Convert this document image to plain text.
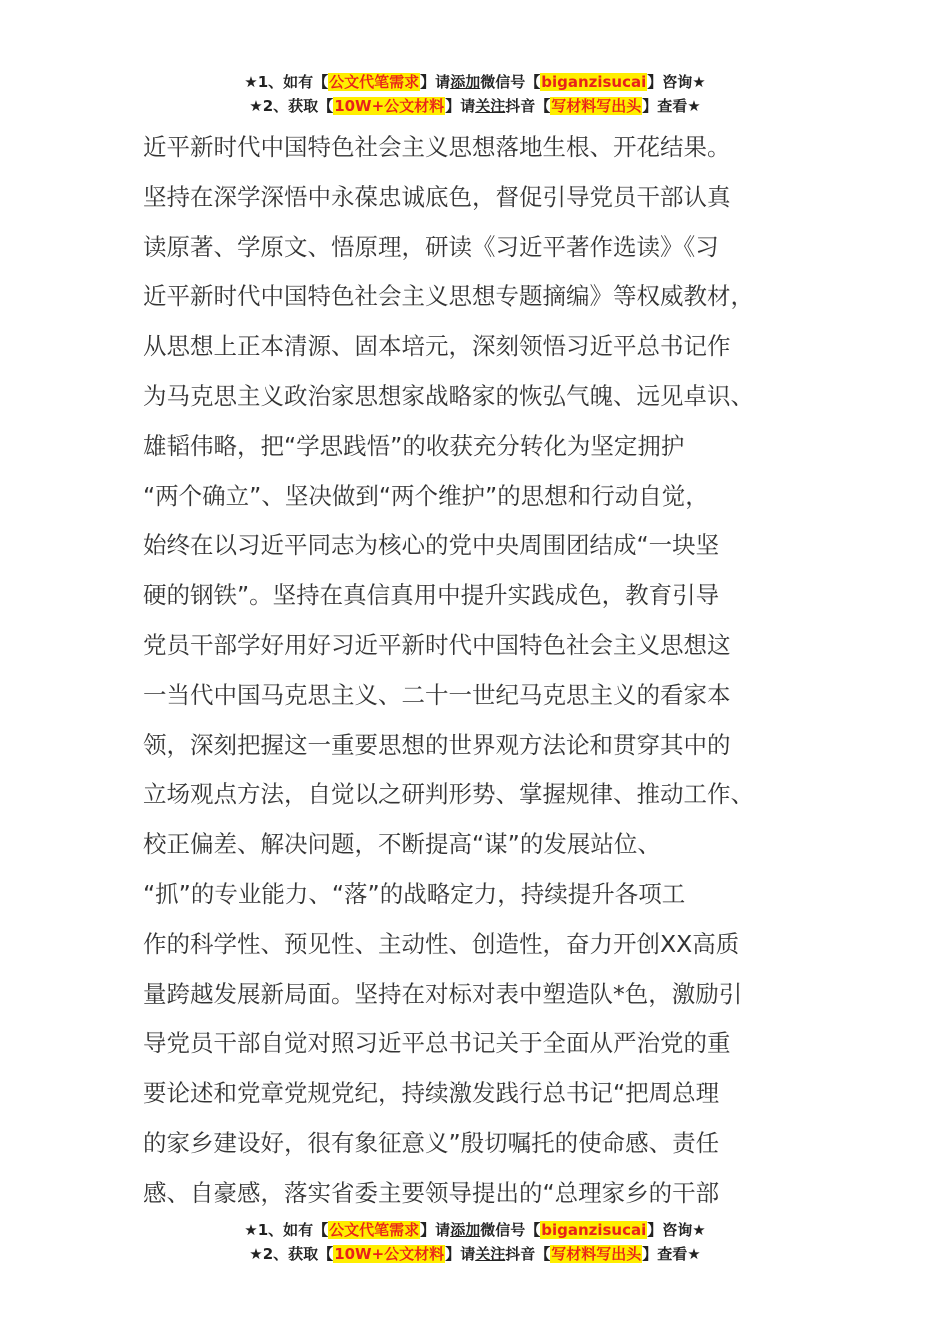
★1、如有【公文代笔需求】请添加微信号【biganzisucai】咨询★
★2、获取【10W+公文材料】请关注抖音【写材料写出头】查看★
近平新时代中国特色社会主义思想落地生根、开花结果。
坚持在深学深悟中永葆忠诚底色，督促引导党员干部认真
读原著、学原文、悟原理，研读《习近平著作选读》《习
近平新时代中国特色社会主义思想专题摘编》等权威教材，
从思想上正本清源、固本培元，深刻领悟习近平总书记作
为马克思主义政治家思想家战略家的恢弘气魄、远见卓识、
雄韬伟略，把“学思践悟”的收获充分转化为坚定拥护
“两个确立”、坚决做到“两个维护”的思想和行动自觉，
始终在以习近平同志为核心的党中央周围团结成“一块坚
硬的钢铁”。坚持在真信真用中提升实践成色，教育引导
党员干部学好用好习近平新时代中国特色社会主义思想这
一当代中国马克思主义、二十一世纪马克思主义的看家本
领，深刻把握这一重要思想的世界观方法论和贯穿其中的
立场观点方法，自觉以之研判形势、掌握规律、推动工作、
校正偏差、解决问题，不断提高“谋”的发展站位、
“抓”的专业能力、“落”的战略定力，持续提升各项工
作的科学性、预见性、主动性、创造性，奋力开创XX高质
量跨越发展新局面。坚持在对标对表中塑造队*色，激励引
导党员干部自觉对照习近平总书记关于全面从严治党的重
要论述和党章党规党纪，持续激发践行总书记“把周总理
的家乡建设好，很有象征意义”殷切嘱托的使命感、责任
感、自豪感，落实省委主要领导提出的“总理家乡的干部
★1、如有【公文代笔需求】请添加微信号【biganzisucai】咨询★
★2、获取【10W+公文材料】请关注抖音【写材料写出头】查看★
